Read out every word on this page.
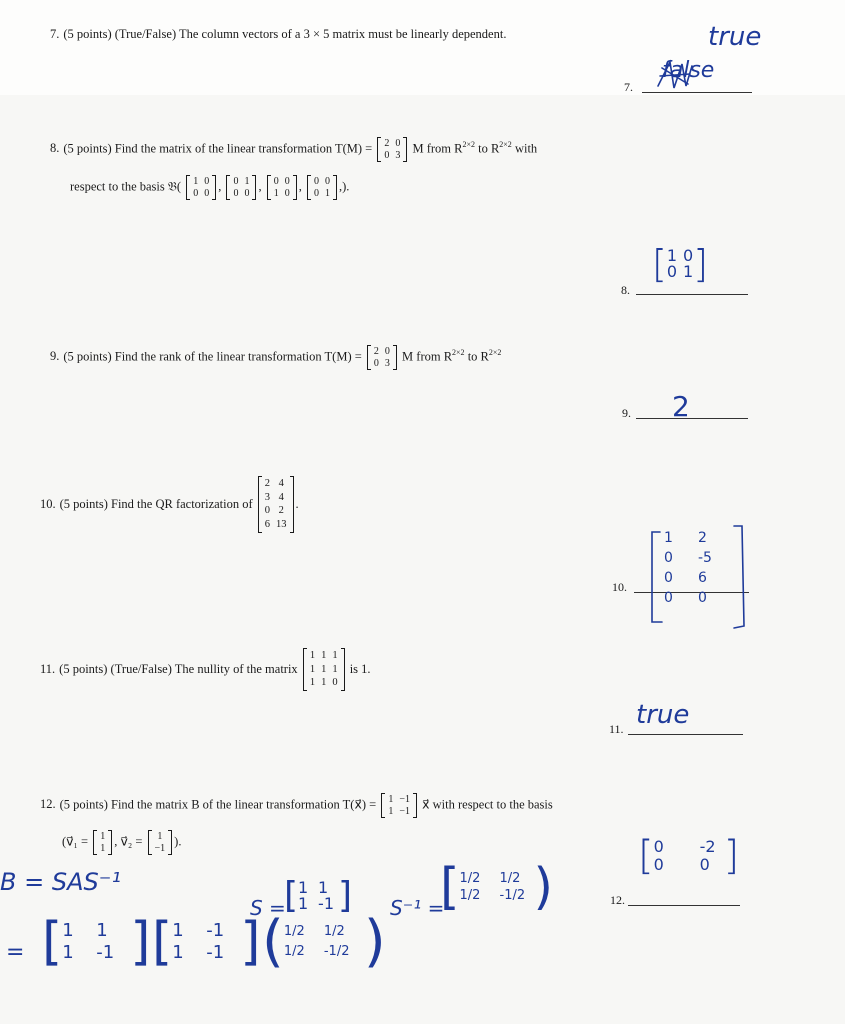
7. (5 points) (True/False) The column vectors of a 3 × 5 matrix must be linearly dependent.
7.
true
false
8. (5 points) Find the matrix of the linear transformation T(M) = 2 0
0 3 M from $R^{2\times 2}$ to $R^{2\times 2}$ with
respect to the basis 𝔅( 1 0
0 0 , 0 1
0 0 , 0 0
1 0 , 0 0
0 1 ,).
8.
[ 1 0
0 1 ]
9. (5 points) Find the rank of the linear transformation T(M) = 2 0
0 3 M from $R^{2\times 2}$ to $R^{2\times 2}$
9. 2
10. (5 points) Find the QR factorization of

2 4
3 4
0 2
6 13
.
10.
1	2
0	-5
0	6
0	0
11. (5 points) (True/False) The nullity of the matrix

1 1 1
1 1 1
1 1 0

is 1.
11. true
12. (5 points) Find the matrix B of the linear transformation T(x⃗) = 1 −1
1 −1 x⃗ with respect to the basis
(v⃗₁ = 1
1 , v⃗₂ = 1
−1 ).
12.
[ 0	-2
0	0 ]
B = SAS⁻¹
=
S =	S⁻¹ =
[ 1 1
1 -1 ] [ 1/2	1/2
1/2	-1/2 )
[ 1	1
1	-1 ] [ 1	-1
1	-1 ] ( 1/2	1/2
1/2	-1/2 )
